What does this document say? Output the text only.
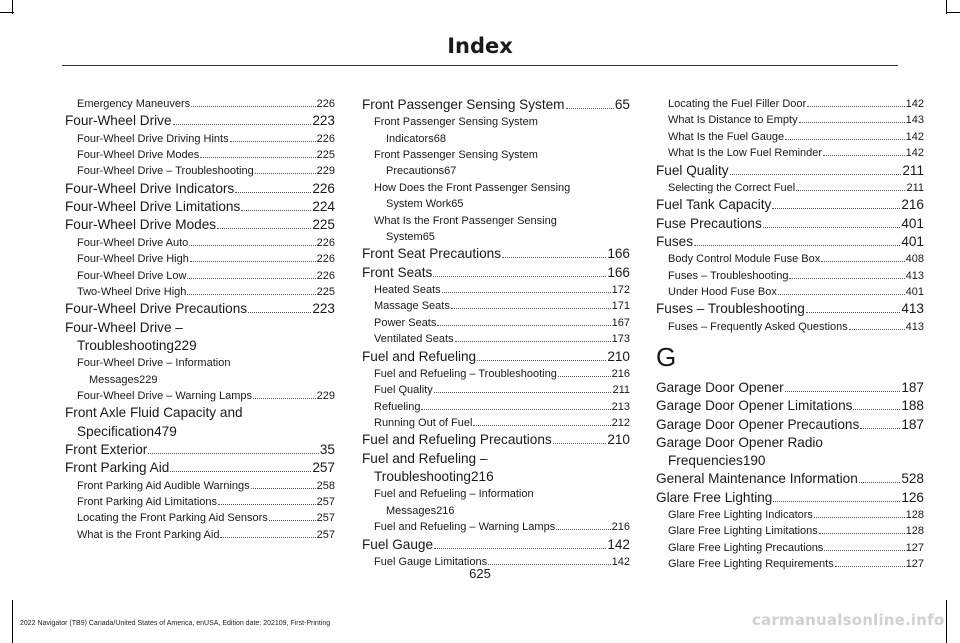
Index
Emergency Maneuvers	226
Four-Wheel Drive	223
Four-Wheel Drive Driving Hints	226
Four-Wheel Drive Modes	225
Four-Wheel Drive – Troubleshooting	229
Four-Wheel Drive Indicators	226
Four-Wheel Drive Limitations	224
Four-Wheel Drive Modes	225
Four-Wheel Drive Auto	226
Four-Wheel Drive High	226
Four-Wheel Drive Low	226
Two-Wheel Drive High	225
Four-Wheel Drive Precautions	223
Four-Wheel Drive –
Troubleshooting 229
Four-Wheel Drive – Information
Messages 229
Four-Wheel Drive – Warning Lamps	229
Front Axle Fluid Capacity and
Specification 479
Front Exterior	35
Front Parking Aid	257
Front Parking Aid Audible Warnings	258
Front Parking Aid Limitations	257
Locating the Front Parking Aid Sensors	257
What is the Front Parking Aid	257
Front Passenger Sensing System	65
Front Passenger Sensing System
Indicators 68
Front Passenger Sensing System
Precautions 67
How Does the Front Passenger Sensing
System Work 65
What Is the Front Passenger Sensing
System 65
Front Seat Precautions	166
Front Seats	166
Heated Seats	172
Massage Seats	171
Power Seats	167
Ventilated Seats	173
Fuel and Refueling	210
Fuel and Refueling – Troubleshooting	216
Fuel Quality	211
Refueling	213
Running Out of Fuel	212
Fuel and Refueling Precautions	210
Fuel and Refueling –
Troubleshooting 216
Fuel and Refueling – Information
Messages 216
Fuel and Refueling – Warning Lamps	216
Fuel Gauge	142
Fuel Gauge Limitations	142
Locating the Fuel Filler Door	142
What Is Distance to Empty	143
What Is the Fuel Gauge	142
What Is the Low Fuel Reminder	142
Fuel Quality	211
Selecting the Correct Fuel	211
Fuel Tank Capacity	216
Fuse Precautions	401
Fuses	401
Body Control Module Fuse Box	408
Fuses – Troubleshooting	413
Under Hood Fuse Box	401
Fuses – Troubleshooting	413
Fuses – Frequently Asked Questions	413
G
Garage Door Opener	187
Garage Door Opener Limitations	188
Garage Door Opener Precautions	187
Garage Door Opener Radio
Frequencies 190
General Maintenance Information	528
Glare Free Lighting	126
Glare Free Lighting Indicators	128
Glare Free Lighting Limitations	128
Glare Free Lighting Precautions	127
Glare Free Lighting Requirements	127
625
2022 Navigator (TB9) Canada/United States of America, enUSA, Edition date: 202109, First-Printing	carmanualsonline.info
